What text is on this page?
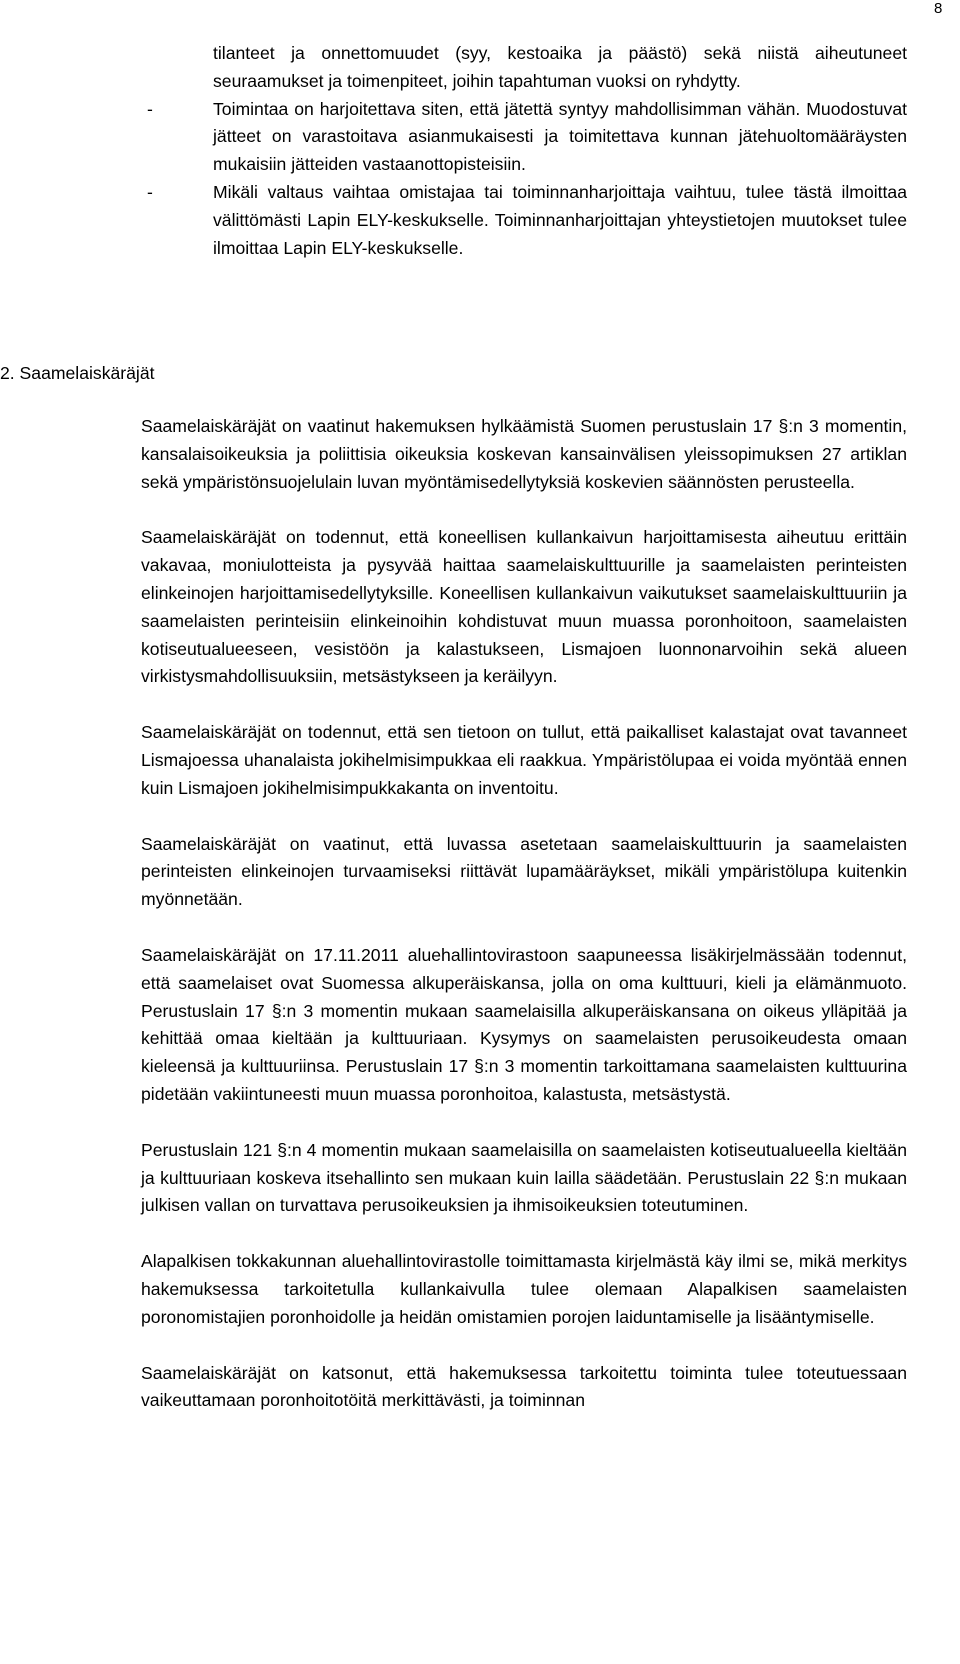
8

tilanteet ja onnettomuudet (syy, kestoaika ja päästö) sekä niistä aiheutuneet seuraamukset ja toimenpiteet, joihin tapahtuman vuoksi on ryhdytty.

-	Toimintaa on harjoitettava siten, että jätettä syntyy mahdollisimman vähän. Muodostuvat jätteet on varastoitava asianmukaisesti ja toimitettava kunnan jätehuoltomääräysten mukaisiin jätteiden vastaanottopisteisiin.

-	Mikäli valtaus vaihtaa omistajaa tai toiminnanharjoittaja vaihtuu, tulee tästä ilmoittaa välittömästi Lapin ELY-keskukselle. Toiminnanharjoittajan yhteystietojen muutokset tulee ilmoittaa Lapin ELY-keskukselle.

2. Saamelaiskäräjät

Saamelaiskäräjät on vaatinut hakemuksen hylkäämistä Suomen perustuslain 17 §:n 3 momentin, kansalaisoikeuksia ja poliittisia oikeuksia koskevan kansainvälisen yleissopimuksen 27 artiklan sekä ympäristönsuojelulain luvan myöntämisedellytyksiä koskevien säännösten perusteella.

Saamelaiskäräjät on todennut, että koneellisen kullankaivun harjoittamisesta aiheutuu erittäin vakavaa, moniulotteista ja pysyvää haittaa saamelaiskulttuurille ja saamelaisten perinteisten elinkeinojen harjoittamisedellytyksille. Koneellisen kullankaivun vaikutukset saamelaiskulttuuriin ja saamelaisten perinteisiin elinkeinoihin kohdistuvat muun muassa poronhoitoon, saamelaisten kotiseutualueeseen, vesistöön ja kalastukseen, Lismajoen luonnonarvoihin sekä alueen virkistysmahdollisuuksiin, metsästykseen ja keräilyyn.

Saamelaiskäräjät on todennut, että sen tietoon on tullut, että paikalliset kalastajat ovat tavanneet Lismajoessa uhanalaista jokihelmisimpukkaa eli raakkua. Ympäristölupaa ei voida myöntää ennen kuin Lismajoen jokihelmisimpukkakanta on inventoitu.

Saamelaiskäräjät on vaatinut, että luvassa asetetaan saamelaiskulttuurin ja saamelaisten perinteisten elinkeinojen turvaamiseksi riittävät lupamääräykset, mikäli ympäristölupa kuitenkin myönnetään.

Saamelaiskäräjät on 17.11.2011 aluehallintovirastoon saapuneessa lisäkirjelmässään todennut, että saamelaiset ovat Suomessa alkuperäiskansa, jolla on oma kulttuuri, kieli ja elämänmuoto. Perustuslain 17 §:n 3 momentin mukaan saamelaisilla alkuperäiskansana on oikeus ylläpitää ja kehittää omaa kieltään ja kulttuuriaan. Kysymys on saamelaisten perusoikeudesta omaan kieleensä ja kulttuuriinsa. Perustuslain 17 §:n 3 momentin tarkoittamana saamelaisten kulttuurina pidetään vakiintuneesti muun muassa poronhoitoa, kalastusta, metsästystä.

Perustuslain 121 §:n 4 momentin mukaan saamelaisilla on saamelaisten kotiseutualueella kieltään ja kulttuuriaan koskeva itsehallinto sen mukaan kuin lailla säädetään. Perustuslain 22 §:n mukaan julkisen vallan on turvattava perusoikeuksien ja ihmisoikeuksien toteutuminen.

Alapalkisen tokkakunnan aluehallintovirastolle toimittamasta kirjelmästä käy ilmi se, mikä merkitys hakemuksessa tarkoitetulla kullankaivulla tulee olemaan Alapalkisen saamelaisten poronomistajien poronhoidolle ja heidän omistamien porojen laiduntamiselle ja lisääntymiselle.

Saamelaiskäräjät on katsonut, että hakemuksessa tarkoitettu toiminta tulee toteutuessaan vaikeuttamaan poronhoitotöitä merkittävästi, ja toiminnan
